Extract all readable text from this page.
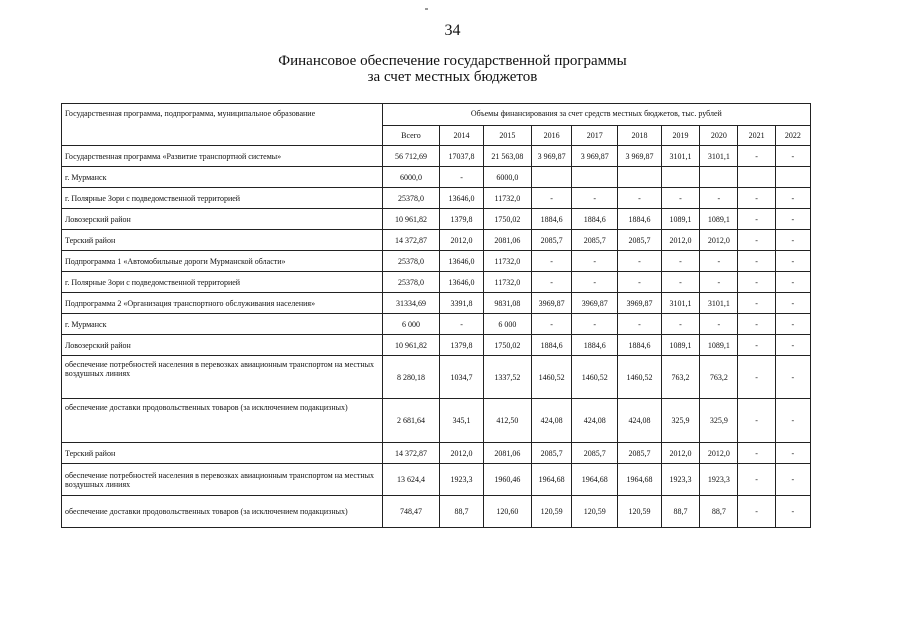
34
Финансовое обеспечение государственной программы
за счет местных бюджетов
Государственная программа, подпрограмма, муниципальное образование	Объемы финансирования за счет средств местных бюджетов, тыс. рублей									
	Всего	2014	2015	2016	2017	2018	2019	2020	2021	2022
Государственная программа «Развитие транспортной системы»	56 712,69	17037,8	21 563,08	3 969,87	3 969,87	3 969,87	3101,1	3101,1	-	-
г. Мурманск	6000,0	-	6000,0							
г. Полярные Зори с подведомственной территорией	25378,0	13646,0	11732,0	-	-	-	-	-	-	-
Ловозерский район	10 961,82	1379,8	1750,02	1884,6	1884,6	1884,6	1089,1	1089,1	-	-
Терский район	14 372,87	2012,0	2081,06	2085,7	2085,7	2085,7	2012,0	2012,0	-	-
Подпрограмма 1 «Автомобильные дороги Мурманской области»	25378,0	13646,0	11732,0	-	-	-	-	-	-	-
г. Полярные Зори с подведомственной территорией	25378,0	13646,0	11732,0	-	-	-	-	-	-	-
Подпрограмма 2 «Организация транспортного обслуживания населения»	31334,69	3391,8	9831,08	3969,87	3969,87	3969,87	3101,1	3101,1	-	-
г. Мурманск	6 000	-	6 000	-	-	-	-	-	-	-
Ловозерский район	10 961,82	1379,8	1750,02	1884,6	1884,6	1884,6	1089,1	1089,1	-	-
обеспечение потребностей населения в перевозках авиационным транспортом на местных воздушных линиях	8 280,18	1034,7	1337,52	1460,52	1460,52	1460,52	763,2	763,2	-	-
обеспечение доставки продовольственных товаров (за исключением подакцизных)	2 681,64	345,1	412,50	424,08	424,08	424,08	325,9	325,9	-	-
Терский район	14 372,87	2012,0	2081,06	2085,7	2085,7	2085,7	2012,0	2012,0	-	-
обеспечение потребностей населения в перевозках авиационным транспортом на местных воздушных линиях	13 624,4	1923,3	1960,46	1964,68	1964,68	1964,68	1923,3	1923,3	-	-
обеспечение доставки продовольственных товаров (за исключением подакцизных)	748,47	88,7	120,60	120,59	120,59	120,59	88,7	88,7	-	-
